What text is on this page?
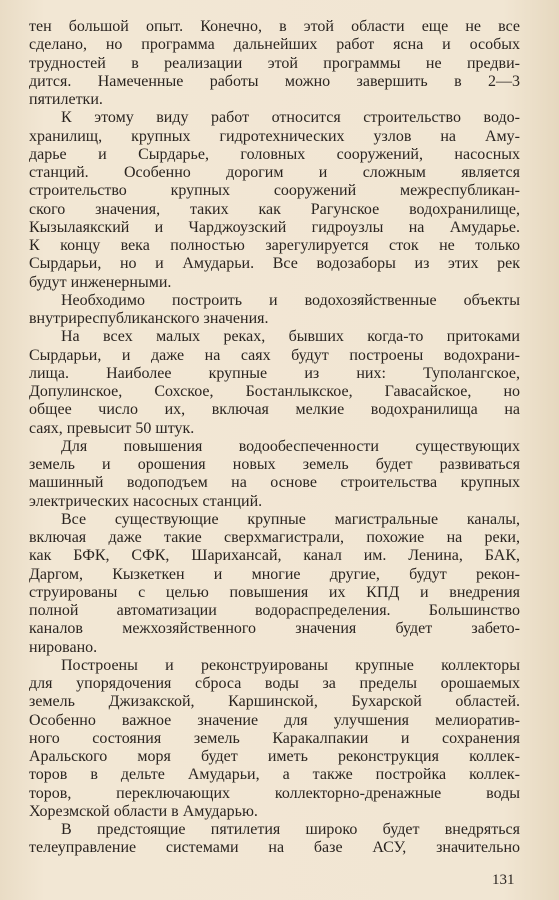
тен большой опыт. Конечно, в этой области еще не все
сделано, но программа дальнейших работ ясна и особых
трудностей в реализации этой программы не предви-
дится. Намеченные работы можно завершить в 2—3
пятилетки.
К этому виду работ относится строительство водо-
хранилищ, крупных гидротехнических узлов на Аму-
дарье и Сырдарье, головных сооружений, насосных
станций. Особенно дорогим и сложным является
строительство крупных сооружений межреспубликан-
ского значения, таких как Рагунское водохранилище,
Кызылаякский и Чарджоузский гидроузлы на Амударье.
К концу века полностью зарегулируется сток не только
Сырдарьи, но и Амударьи. Все водозаборы из этих рек
будут инженерными.
Необходимо построить и водохозяйственные объекты
внутриреспубликанского значения.
На всех малых реках, бывших когда-то притоками
Сырдарьи, и даже на саях будут построены водохрани-
лища. Наиболее крупные из них: Туполангское,
Допулинское, Сохское, Бостанлыкское, Гавасайское, но
общее число их, включая мелкие водохранилища на
саях, превысит 50 штук.
Для повышения водообеспеченности существующих
земель и орошения новых земель будет развиваться
машинный водоподъем на основе строительства крупных
электрических насосных станций.
Все существующие крупные магистральные каналы,
включая даже такие сверхмагистрали, похожие на реки,
как БФК, СФК, Шарихансай, канал им. Ленина, БАК,
Даргом, Кызкеткен и многие другие, будут рекон-
струированы с целью повышения их КПД и внедрения
полной автоматизации водораспределения. Большинство
каналов межхозяйственного значения будет забето-
нировано.
Построены и реконструированы крупные коллекторы
для упорядочения сброса воды за пределы орошаемых
земель Джизакской, Каршинской, Бухарской областей.
Особенно важное значение для улучшения мелиоратив-
ного состояния земель Каракалпакии и сохранения
Аральского моря будет иметь реконструкция коллек-
торов в дельте Амударьи, а также постройка коллек-
торов, переключающих коллекторно-дренажные воды
Хорезмской области в Амударью.
В предстоящие пятилетия широко будет внедряться
телеуправление системами на базе АСУ, значительно
131
